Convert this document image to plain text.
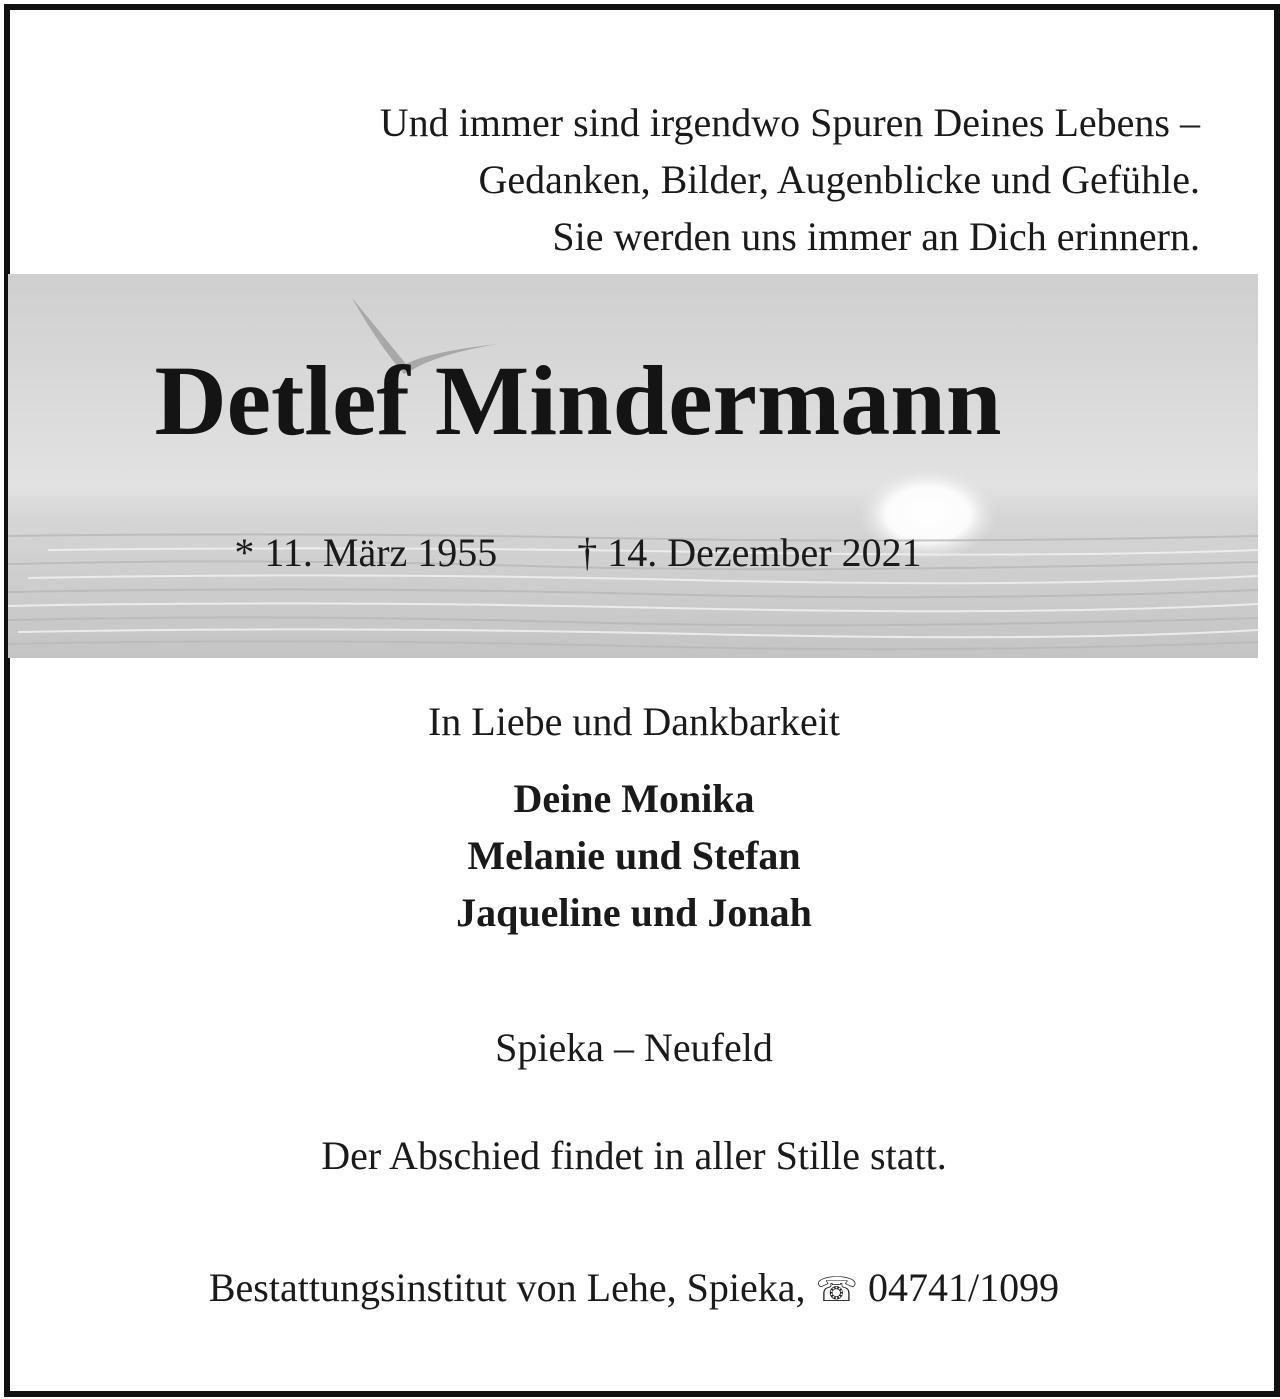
Und immer sind irgendwo Spuren Deines Lebens –
Gedanken, Bilder, Augenblicke und Gefühle.
Sie werden uns immer an Dich erinnern.
Detlef Mindermann
* 11. März 1955 † 14. Dezember 2021
In Liebe und Dankbarkeit
Deine Monika
Melanie und Stefan
Jaqueline und Jonah
Spieka – Neufeld
Der Abschied findet in aller Stille statt.
Bestattungsinstitut von Lehe, Spieka, ☏ 04741/1099
